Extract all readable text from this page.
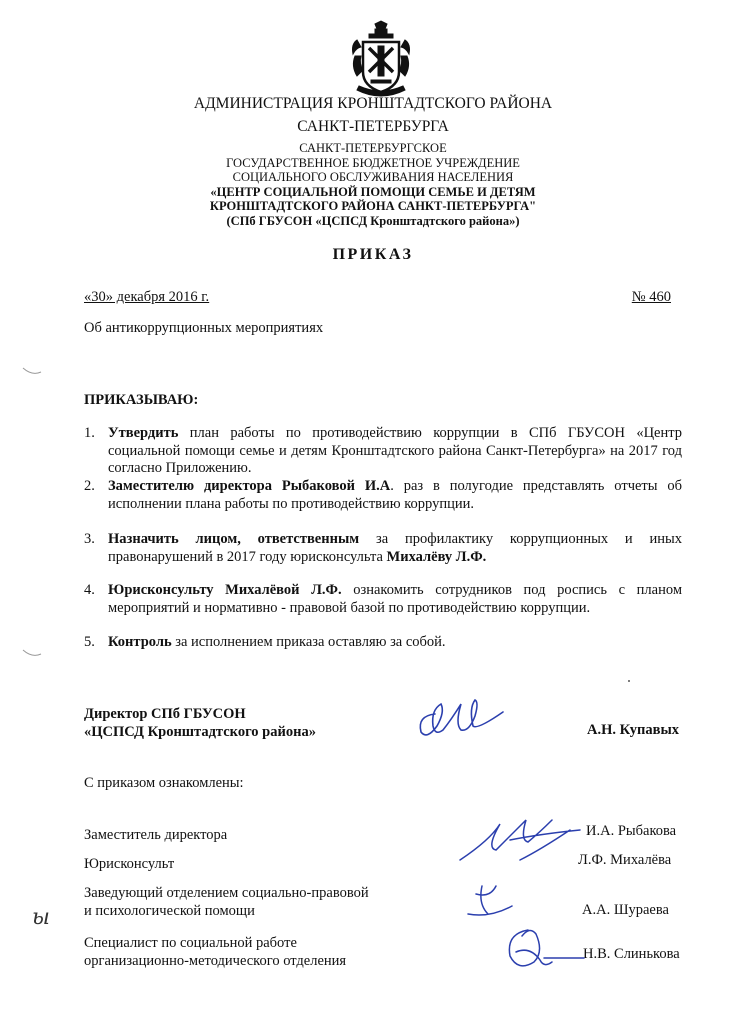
АДМИНИСТРАЦИЯ КРОНШТАДТСКОГО РАЙОНА
САНКТ-ПЕТЕРБУРГА
САНКТ-ПЕТЕРБУРГСКОЕ
ГОСУДАРСТВЕННОЕ БЮДЖЕТНОЕ УЧРЕЖДЕНИЕ
СОЦИАЛЬНОГО ОБСЛУЖИВАНИЯ НАСЕЛЕНИЯ
«ЦЕНТР СОЦИАЛЬНОЙ ПОМОЩИ СЕМЬЕ И ДЕТЯМ
КРОНШТАДТСКОГО РАЙОНА САНКТ-ПЕТЕРБУРГА"
(СПб ГБУСОН «ЦСПСД Кронштадтского района»)
ПРИКАЗ
«30» декабря 2016 г.	№ 460
Об антикоррупционных мероприятиях
ПРИКАЗЫВАЮ:
1. Утвердить план работы по противодействию коррупции в СПб ГБУСОН «Центр социальной помощи семье и детям Кронштадтского района Санкт-Петербурга» на 2017 год согласно Приложению.
2. Заместителю директора Рыбаковой И.А. раз в полугодие представлять отчеты об исполнении плана работы по противодействию коррупции.
3. Назначить лицом, ответственным за профилактику коррупционных и иных правонарушений в 2017 году юрисконсульта Михалёву Л.Ф.
4. Юрисконсульту Михалёвой Л.Ф. ознакомить сотрудников под роспись с планом мероприятий и нормативно - правовой базой по противодействию коррупции.
5. Контроль за исполнением приказа оставляю за собой.
Директор СПб ГБУСОН
«ЦСПСД Кронштадтского района»	А.Н. Купавых
С приказом ознакомлены:
Заместитель директора	И.А. Рыбакова
Юрисконсульт	Л.Ф. Михалёва
Заведующий отделением социально-правовой
и психологической помощи	А.А. Шураева
Специалист по социальной работе
организационно-методического отделения	Н.В. Слинькова
ы
